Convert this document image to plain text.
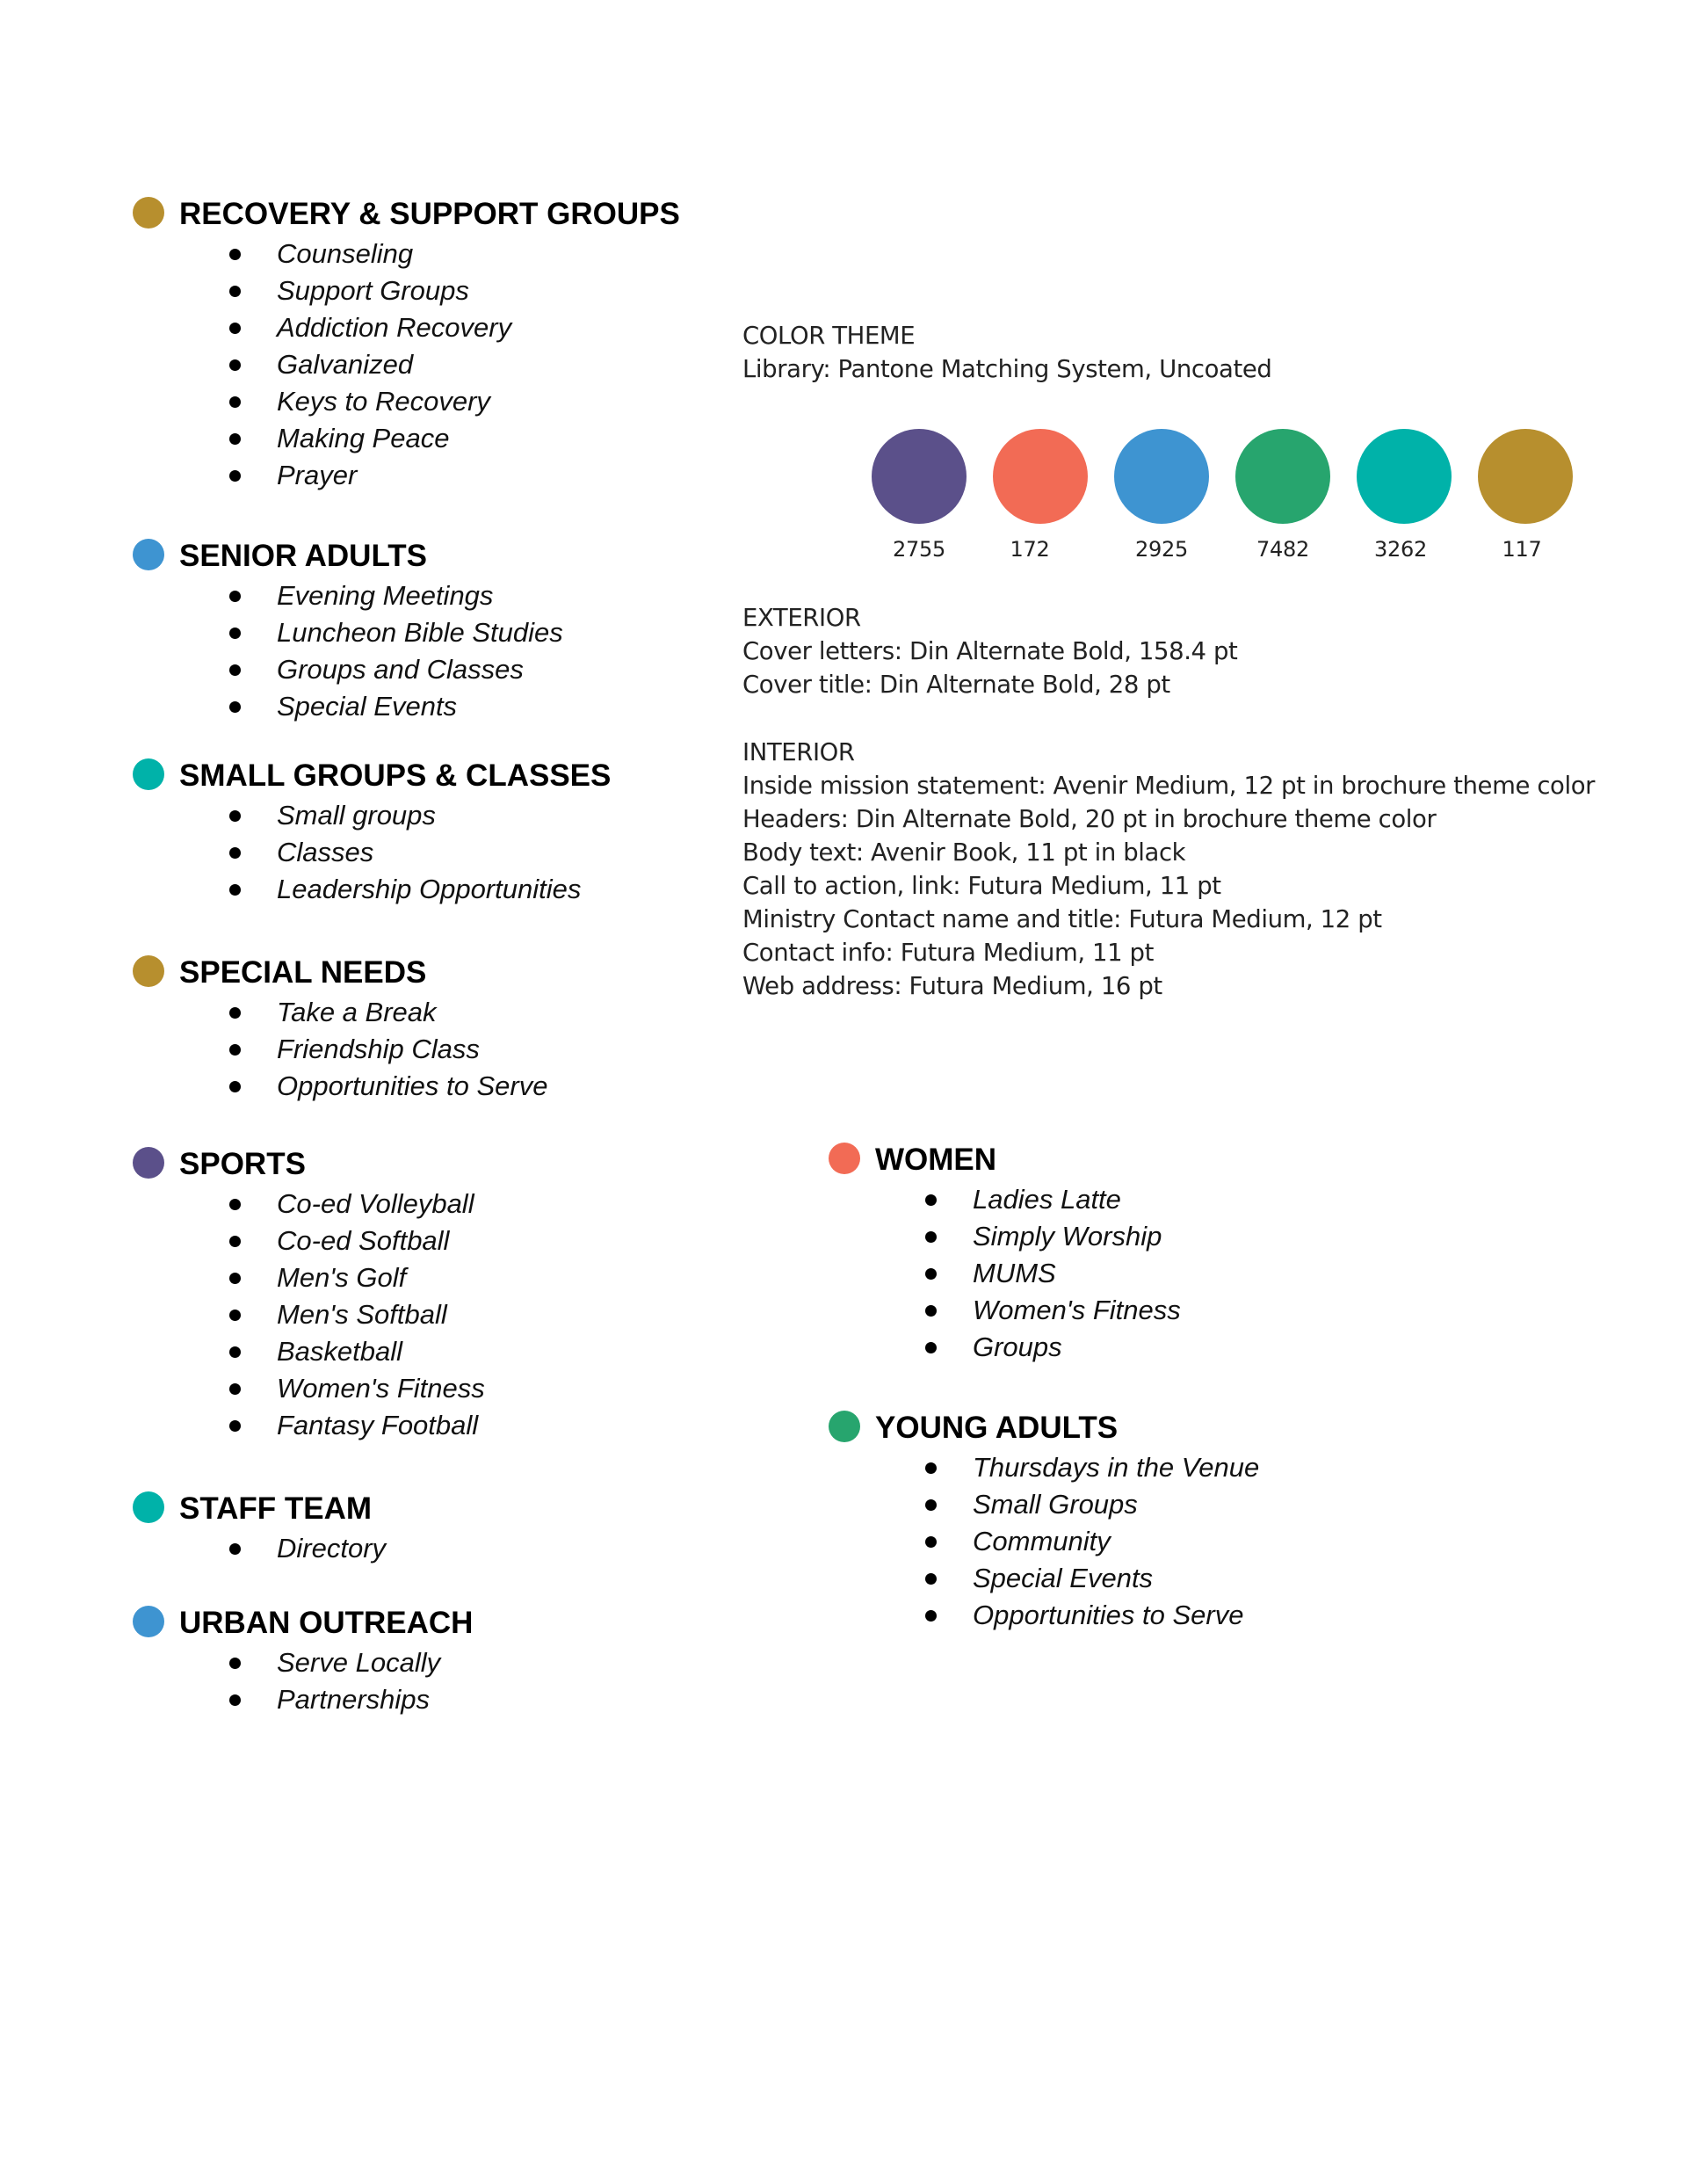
RECOVERY & SUPPORT GROUPS
Counseling
Support Groups
Addiction Recovery
Galvanized
Keys to Recovery
Making Peace
Prayer
SENIOR ADULTS
Evening Meetings
Luncheon Bible Studies
Groups and Classes
Special Events
SMALL GROUPS & CLASSES
Small groups
Classes
Leadership Opportunities
SPECIAL NEEDS
Take a Break
Friendship Class
Opportunities to Serve
SPORTS
Co-ed Volleyball
Co-ed Softball
Men's Golf
Men's Softball
Basketball
Women's Fitness
Fantasy Football
STAFF TEAM
Directory
URBAN OUTREACH
Serve Locally
Partnerships
WOMEN
Ladies Latte
Simply Worship
MUMS
Women's Fitness
Groups
YOUNG ADULTS
Thursdays in the Venue
Small Groups
Community
Special Events
Opportunities to Serve
COLOR THEME
Library: Pantone Matching System, Uncoated
2755	172	2925	7482	3262	117
EXTERIOR
Cover letters: Din Alternate Bold, 158.4 pt
Cover title: Din Alternate Bold, 28 pt
INTERIOR
Inside mission statement: Avenir Medium, 12 pt in brochure theme color
Headers: Din Alternate Bold, 20 pt in brochure theme color
Body text: Avenir Book, 11 pt in black
Call to action, link: Futura Medium, 11 pt
Ministry Contact name and title: Futura Medium, 12 pt
Contact info: Futura Medium, 11 pt
Web address: Futura Medium, 16 pt
